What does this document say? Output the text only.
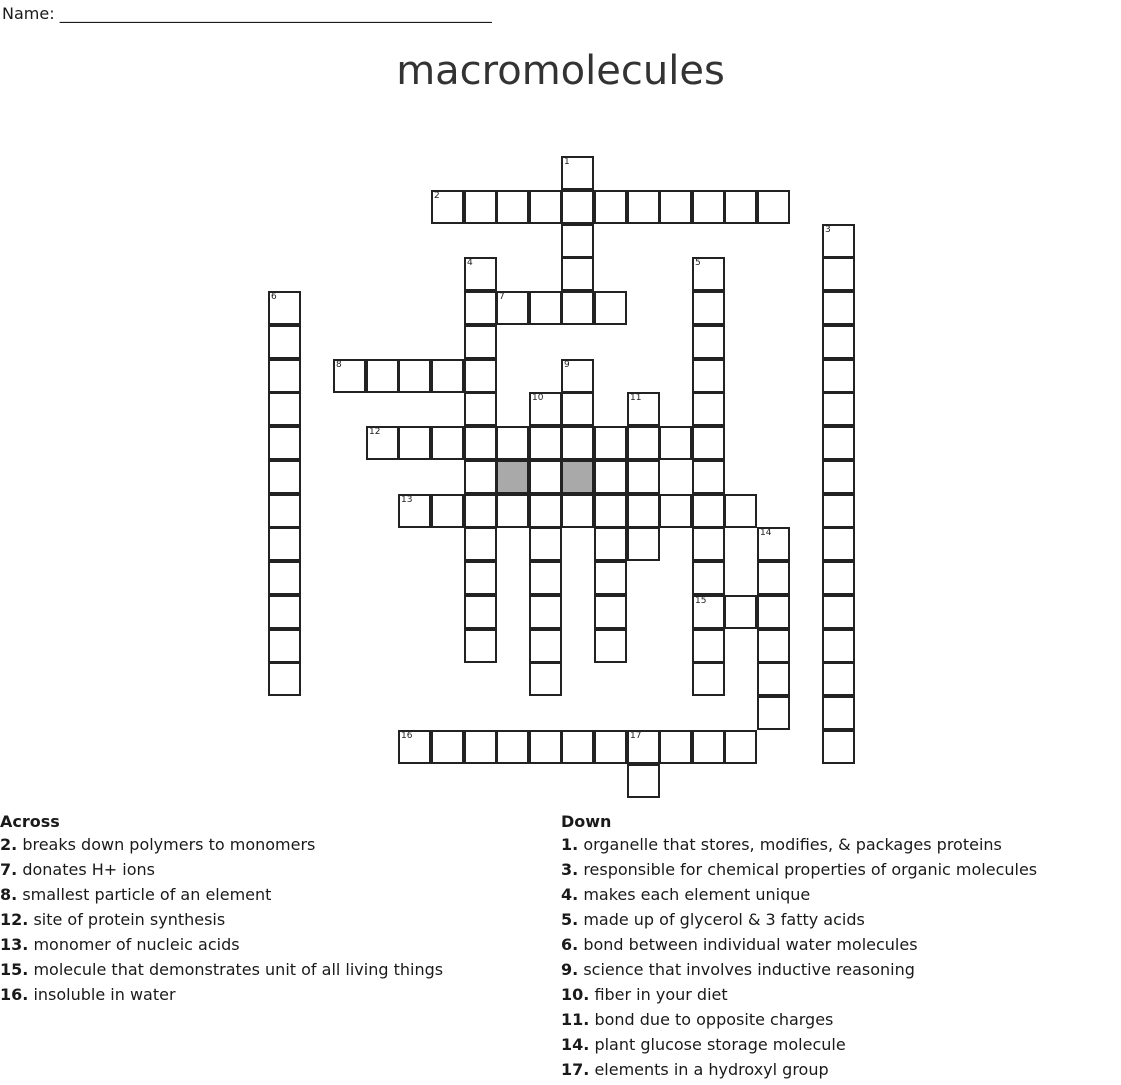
Name: ______________________________________________________
macromolecules
1
2
3
4	5
6	7
8	9
10	11
12
13
14
15
16	17
Across
2. breaks down polymers to monomers
7. donates H+ ions
8. smallest particle of an element
12. site of protein synthesis
13. monomer of nucleic acids
15. molecule that demonstrates unit of all living things
16. insoluble in water
Down
1. organelle that stores, modifies, & packages proteins
3. responsible for chemical properties of organic molecules
4. makes each element unique
5. made up of glycerol & 3 fatty acids
6. bond between individual water molecules
9. science that involves inductive reasoning
10. fiber in your diet
11. bond due to opposite charges
14. plant glucose storage molecule
17. elements in a hydroxyl group
